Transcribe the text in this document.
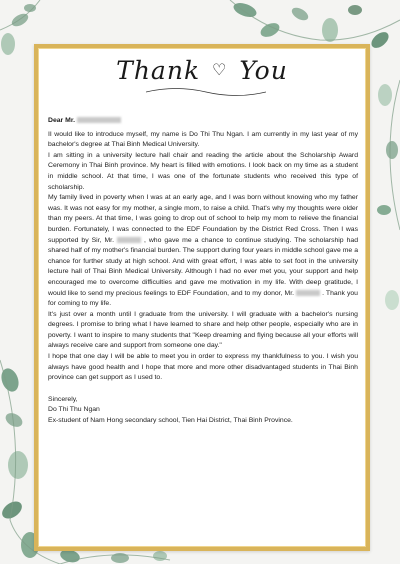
Thank ♡ You

Dear Mr.

II would like to introduce myself, my name is Do Thi Thu Ngan. I am currently in my last year of my bachelor's degree at Thai Binh Medical University.

I am sitting in a university lecture hall chair and reading the article about the Scholarship Award Ceremony in Thai Binh province. My heart is filled with emotions. I look back on my time as a student in middle school. At that time, I was one of the fortunate students who received this type of scholarship.

My family lived in poverty when I was at an early age, and I was born without knowing who my father was. It was not easy for my mother, a single mom, to raise a child. That's why my thoughts were older than my peers. At that time, I was going to drop out of school to help my mom to relieve the financial burden. Fortunately, I was connected to the EDF Foundation by the District Red Cross. Then I was supported by Sir, Mr.	, who gave me a chance to continue studying. The scholarship had shared half of my mother's financial burden. The support during four years in middle school gave me a chance for further study at high school. And with great effort, I was able to set foot in the university lecture hall of Thai Binh Medical University. Although I had no ever met you, your support and help encouraged me to overcome difficulties and gave me motivation in my life. With deep gratitude, I would like to send my precious feelings to EDF Foundation, and to my donor, Mr.	. Thank you for coming to my life.

It's just over a month until I graduate from the university. I will graduate with a bachelor's nursing degrees. I promise to bring what I have learned to share and help other people, especially who are in poverty. I want to inspire to many students that "Keep dreaming and flying because all your efforts will always receive care and support from someone one day."

I hope that one day I will be able to meet you in order to express my thankfulness to you. I wish you always have good health and I hope that more and more other disadvantaged students in Thai Binh province can get support as I used to.

Sincerely,

Do Thi Thu Ngan

Ex-student of Nam Hong secondary school, Tien Hai District, Thai Binh Province.
